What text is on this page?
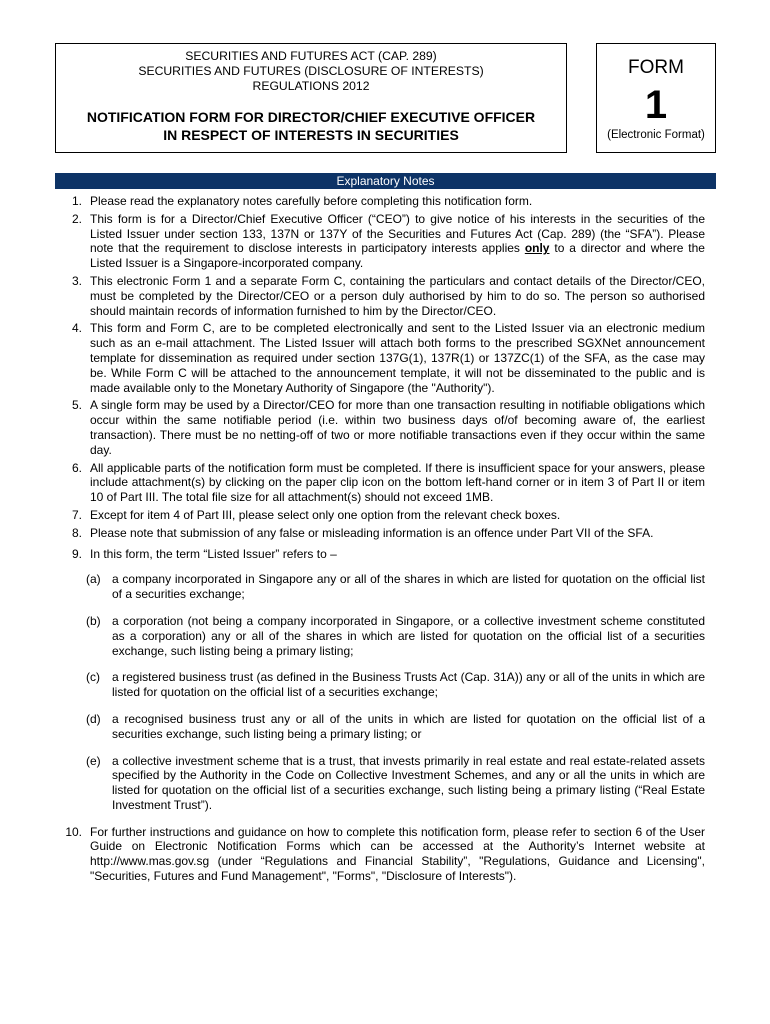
SECURITIES AND FUTURES ACT (CAP. 289)
SECURITIES AND FUTURES (DISCLOSURE OF INTERESTS)
REGULATIONS 2012
NOTIFICATION FORM FOR DIRECTOR/CHIEF EXECUTIVE OFFICER
IN RESPECT OF INTERESTS IN SECURITIES
FORM
1
(Electronic Format)
Explanatory Notes
1. Please read the explanatory notes carefully before completing this notification form.
2. This form is for a Director/Chief Executive Officer (“CEO”) to give notice of his interests in the securities of the Listed Issuer under section 133, 137N or 137Y of the Securities and Futures Act (Cap. 289) (the “SFA”). Please note that the requirement to disclose interests in participatory interests applies only to a director and where the Listed Issuer is a Singapore-incorporated company.
3. This electronic Form 1 and a separate Form C, containing the particulars and contact details of the Director/CEO, must be completed by the Director/CEO or a person duly authorised by him to do so. The person so authorised should maintain records of information furnished to him by the Director/CEO.
4. This form and Form C, are to be completed electronically and sent to the Listed Issuer via an electronic medium such as an e-mail attachment. The Listed Issuer will attach both forms to the prescribed SGXNet announcement template for dissemination as required under section 137G(1), 137R(1) or 137ZC(1) of the SFA, as the case may be. While Form C will be attached to the announcement template, it will not be disseminated to the public and is made available only to the Monetary Authority of Singapore (the "Authority").
5. A single form may be used by a Director/CEO for more than one transaction resulting in notifiable obligations which occur within the same notifiable period (i.e. within two business days of/of becoming aware of, the earliest transaction). There must be no netting-off of two or more notifiable transactions even if they occur within the same day.
6. All applicable parts of the notification form must be completed. If there is insufficient space for your answers, please include attachment(s) by clicking on the paper clip icon on the bottom left-hand corner or in item 3 of Part II or item 10 of Part III. The total file size for all attachment(s) should not exceed 1MB.
7. Except for item 4 of Part III, please select only one option from the relevant check boxes.
8. Please note that submission of any false or misleading information is an offence under Part VII of the SFA.
9. In this form, the term “Listed Issuer” refers to –
(a) a company incorporated in Singapore any or all of the shares in which are listed for quotation on the official list of a securities exchange;
(b) a corporation (not being a company incorporated in Singapore, or a collective investment scheme constituted as a corporation) any or all of the shares in which are listed for quotation on the official list of a securities exchange, such listing being a primary listing;
(c) a registered business trust (as defined in the Business Trusts Act (Cap. 31A)) any or all of the units in which are listed for quotation on the official list of a securities exchange;
(d) a recognised business trust any or all of the units in which are listed for quotation on the official list of a securities exchange, such listing being a primary listing; or
(e) a collective investment scheme that is a trust, that invests primarily in real estate and real estate-related assets specified by the Authority in the Code on Collective Investment Schemes, and any or all the units in which are listed for quotation on the official list of a securities exchange, such listing being a primary listing (“Real Estate Investment Trust”).
10. For further instructions and guidance on how to complete this notification form, please refer to section 6 of the User Guide on Electronic Notification Forms which can be accessed at the Authority’s Internet website at http://www.mas.gov.sg (under “Regulations and Financial Stability”, "Regulations, Guidance and Licensing", "Securities, Futures and Fund Management", "Forms", "Disclosure of Interests").
